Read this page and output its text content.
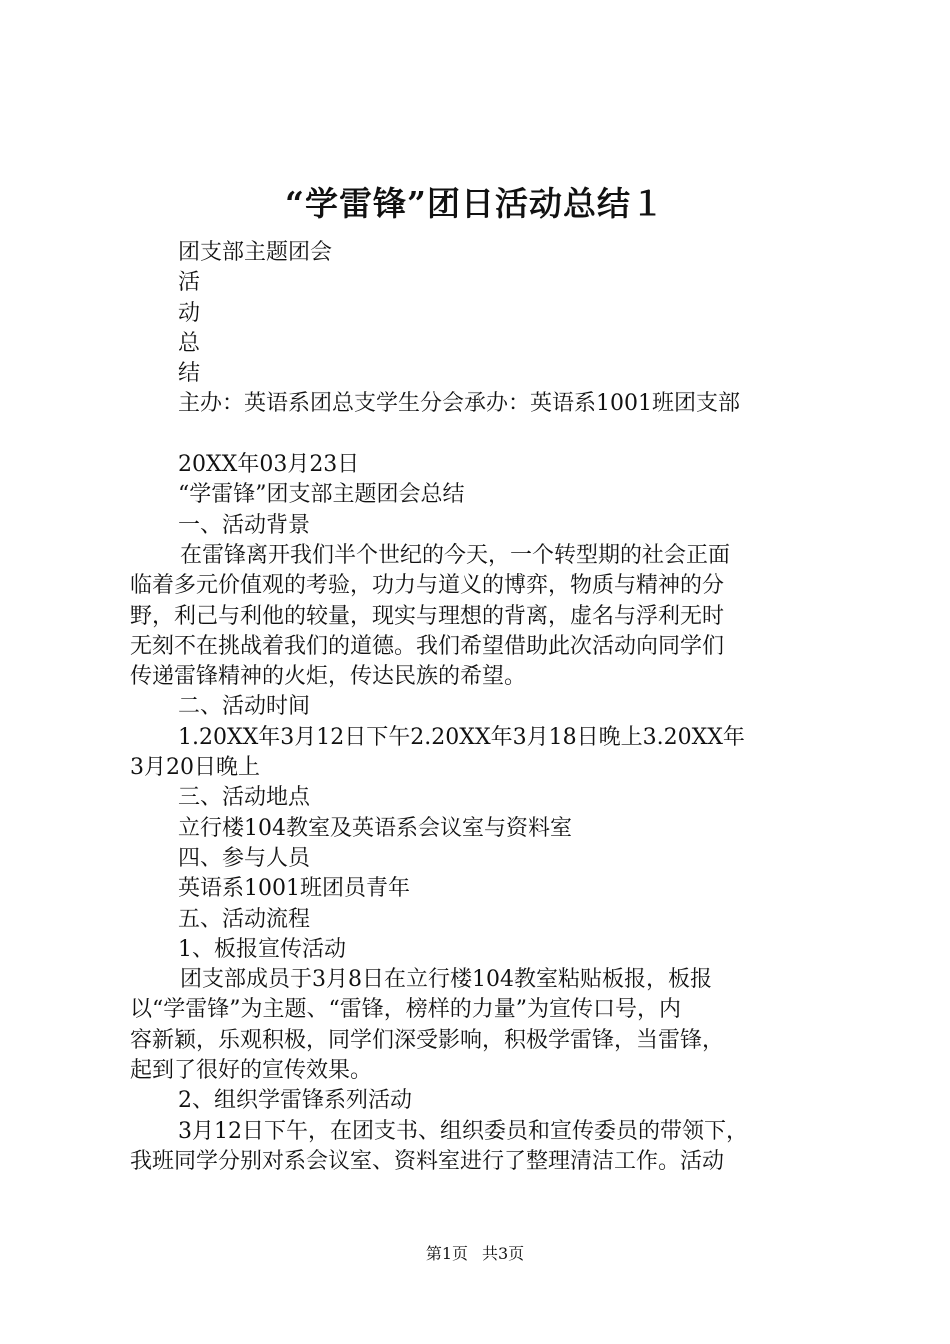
“学雷锋”团日活动总结１
团支部主题团会
活
动
总
结
主办：英语系团总支学生分会承办：英语系1001班团支部
20XX年03月23日
“学雷锋”团支部主题团会总结
一、活动背景
在雷锋离开我们半个世纪的今天，一个转型期的社会正面
临着多元价值观的考验，功力与道义的博弈，物质与精神的分
野，利己与利他的较量，现实与理想的背离，虚名与浮利无时
无刻不在挑战着我们的道德。我们希望借助此次活动向同学们
传递雷锋精神的火炬，传达民族的希望。
二、活动时间
1.20XX年3月12日下午2.20XX年3月18日晚上3.20XX年
3月20日晚上
三、活动地点
立行楼104教室及英语系会议室与资料室
四、参与人员
英语系1001班团员青年
五、活动流程
1、板报宣传活动
团支部成员于3月8日在立行楼104教室粘贴板报，板报
以“学雷锋”为主题、“雷锋，榜样的力量”为宣传口号，内
容新颖，乐观积极，同学们深受影响，积极学雷锋，当雷锋，
起到了很好的宣传效果。
2、组织学雷锋系列活动
3月12日下午，在团支书、组织委员和宣传委员的带领下，
我班同学分别对系会议室、资料室进行了整理清洁工作。活动
第1页 共3页
